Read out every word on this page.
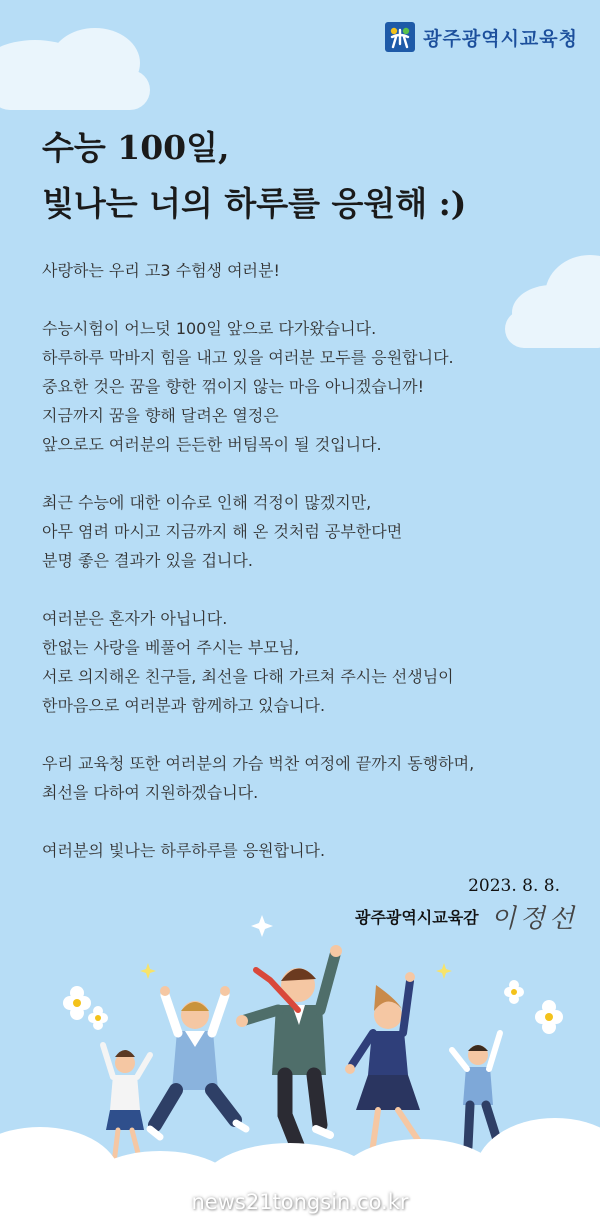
광주광역시교육청
수능 100일,
빛나는 너의 하루를 응원해 :)

사랑하는 우리 고3 수험생 여러분!

수능시험이 어느덧 100일 앞으로 다가왔습니다.

하루하루 막바지 힘을 내고 있을 여러분 모두를 응원합니다.

중요한 것은 꿈을 향한 꺾이지 않는 마음 아니겠습니까!

지금까지 꿈을 향해 달려온 열정은

앞으로도 여러분의 든든한 버팀목이 될 것입니다.

최근 수능에 대한 이슈로 인해 걱정이 많겠지만,

아무 염려 마시고 지금까지 해 온 것처럼 공부한다면

분명 좋은 결과가 있을 겁니다.

여러분은 혼자가 아닙니다.

한없는 사랑을 베풀어 주시는 부모님,

서로 의지해온 친구들, 최선을 다해 가르쳐 주시는 선생님이

한마음으로 여러분과 함께하고 있습니다.

우리 교육청 또한 여러분의 가슴 벅찬 여정에 끝까지 동행하며,

최선을 다하여 지원하겠습니다.

여러분의 빛나는 하루하루를 응원합니다.

2023. 8. 8.
광주광역시교육감 이정선
news21tongsin.co.kr
